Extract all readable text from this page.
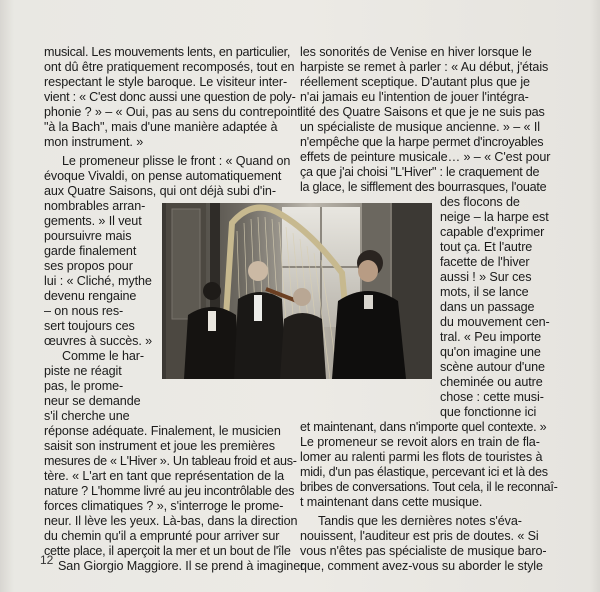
musical. Les mouvements lents, en particulier,
ont dû être pratiquement recomposés, tout en
respectant le style baroque. Le visiteur inter-
vient : « C'est donc aussi une question de poly-
phonie ? » – « Oui, pas au sens du contrepoint
"à la Bach", mais d'une manière adaptée à
mon instrument. »
Le promeneur plisse le front : « Quand on
évoque Vivaldi, on pense automatiquement
aux Quatre Saisons, qui ont déjà subi d'in-
nombrables arran-
gements. » Il veut
poursuivre mais
garde finalement
ses propos pour
lui : « Cliché, mythe
devenu rengaine
– on nous res-
sert toujours ces
œuvres à succès. »
Comme le har-
piste ne réagit
pas, le prome-
neur se demande
s'il cherche une
réponse adéquate. Finalement, le musicien
saisit son instrument et joue les premières
mesures de « L'Hiver ». Un tableau froid et aus-
tère. « L'art en tant que représentation de la
nature ? L'homme livré au jeu incontrôlable des
forces climatiques ? », s'interroge le prome-
neur. Il lève les yeux. Là-bas, dans la direction
du chemin qu'il a emprunté pour arriver sur
cette place, il aperçoit la mer et un bout de l'île
San Giorgio Maggiore. Il se prend à imaginer
les sonorités de Venise en hiver lorsque le
harpiste se remet à parler : « Au début, j'étais
réellement sceptique. D'autant plus que je
n'ai jamais eu l'intention de jouer l'intégra-
lité des Quatre Saisons et que je ne suis pas
un spécialiste de musique ancienne. » – « Il
n'empêche que la harpe permet d'incroyables
effets de peinture musicale… » – « C'est pour
ça que j'ai choisi "L'Hiver" : le craquement de
la glace, le sifflement des bourrasques, l'ouate
des flocons de
neige – la harpe est
capable d'exprimer
tout ça. Et l'autre
facette de l'hiver
aussi ! » Sur ces
mots, il se lance
dans un passage
du mouvement cen-
tral. « Peu importe
qu'on imagine une
scène autour d'une
cheminée ou autre
chose : cette musi-
que fonctionne ici
et maintenant, dans n'importe quel contexte. »
Le promeneur se revoit alors en train de fla-
lomer au ralenti parmi les flots de touristes à
midi, d'un pas élastique, percevant ici et là des
bribes de conversations. Tout cela, il le reconnaî-
t maintenant dans cette musique.
Tandis que les dernières notes s'éva-
nouissent, l'auditeur est pris de doutes. « Si
vous n'êtes pas spécialiste de musique baro-
que, comment avez-vous su aborder le style
12
